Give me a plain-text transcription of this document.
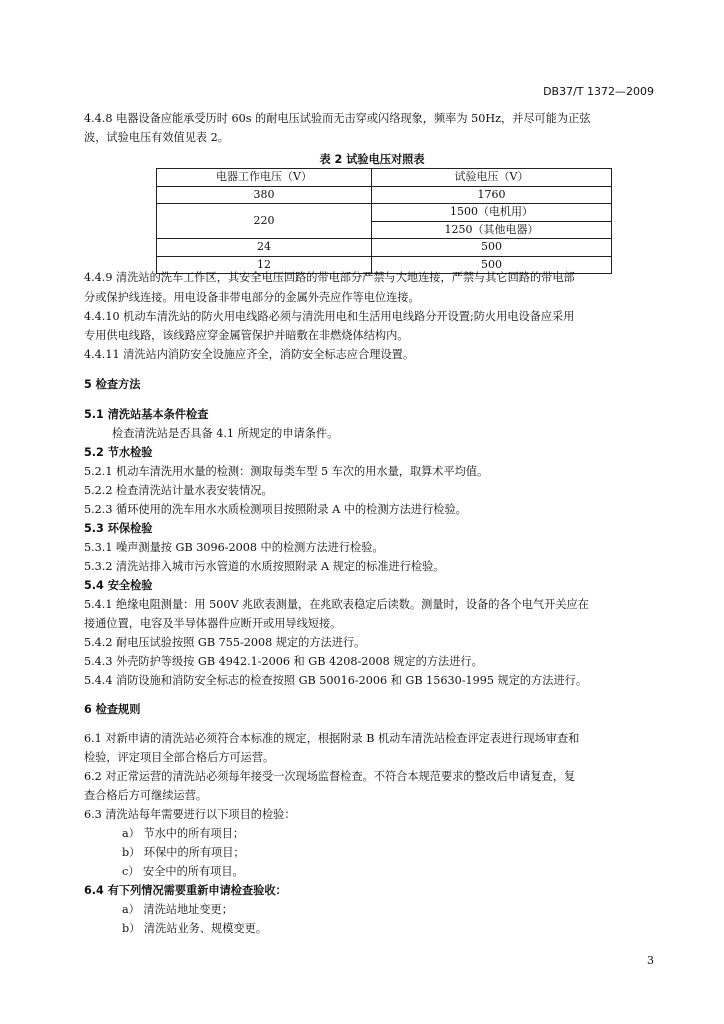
DB37/T 1372—2009
4.4.8 电器设备应能承受历时 60s 的耐电压试验而无击穿或闪络现象，频率为 50Hz，并尽可能为正弦
波，试验电压有效值见表 2。
表 2 试验电压对照表
电器工作电压（V）	试验电压（V）
380	1760
220	1500（电机用）
	1250（其他电器）
24	500
12	500
4.4.9 清洗站的洗车工作区，其安全电压回路的带电部分严禁与大地连接，严禁与其它回路的带电部
分或保护线连接。用电设备非带电部分的金属外壳应作等电位连接。
4.4.10 机动车清洗站的防火用电线路必须与清洗用电和生活用电线路分开设置;防火用电设备应采用
专用供电线路，该线路应穿金属管保护并暗敷在非燃烧体结构内。
4.4.11 清洗站内消防安全设施应齐全，消防安全标志应合理设置。
5 检查方法
5.1 清洗站基本条件检查
检查清洗站是否具备 4.1 所规定的申请条件。
5.2 节水检验
5.2.1 机动车清洗用水量的检测：测取每类车型 5 车次的用水量，取算术平均值。
5.2.2 检查清洗站计量水表安装情况。
5.2.3 循环使用的洗车用水水质检测项目按照附录 A 中的检测方法进行检验。
5.3 环保检验
5.3.1 噪声测量按 GB 3096-2008 中的检测方法进行检验。
5.3.2 清洗站排入城市污水管道的水质按照附录 A 规定的标准进行检验。
5.4 安全检验
5.4.1 绝缘电阻测量：用 500V 兆欧表测量，在兆欧表稳定后读数。测量时，设备的各个电气开关应在
接通位置，电容及半导体器件应断开或用导线短接。
5.4.2 耐电压试验按照 GB 755-2008 规定的方法进行。
5.4.3 外壳防护等级按 GB 4942.1-2006 和 GB 4208-2008 规定的方法进行。
5.4.4 消防设施和消防安全标志的检查按照 GB 50016-2006 和 GB 15630-1995 规定的方法进行。
6 检查规则
6.1 对新申请的清洗站必须符合本标准的规定，根据附录 B 机动车清洗站检查评定表进行现场审查和
检验，评定项目全部合格后方可运营。
6.2 对正常运营的清洗站必须每年接受一次现场监督检查。不符合本规范要求的整改后申请复查，复
查合格后方可继续运营。
6.3 清洗站每年需要进行以下项目的检验：
a） 节水中的所有项目；
b） 环保中的所有项目；
c） 安全中的所有项目。
6.4 有下列情况需要重新申请检查验收：
a） 清洗站地址变更；
b） 清洗站业务、规模变更。
3
